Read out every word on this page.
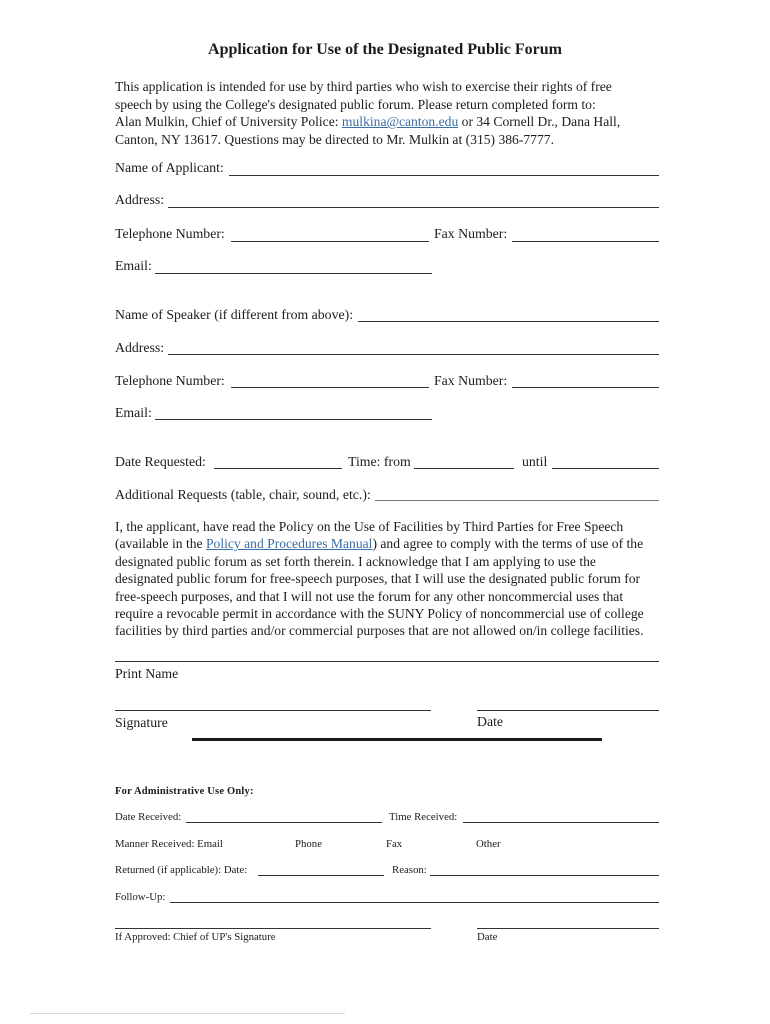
Application for Use of the Designated Public Forum
This application is intended for use by third parties who wish to exercise their rights of free
speech by using the College's designated public forum. Please return completed form to:
Alan Mulkin, Chief of University Police: mulkina@canton.edu or 34 Cornell Dr., Dana Hall,
Canton, NY 13617. Questions may be directed to Mr. Mulkin at (315) 386-7777.
Name of Applicant:
Address:
Telephone Number:	Fax Number:
Email:
Name of Speaker (if different from above):
Address:
Telephone Number:	Fax Number:
Email:
Date Requested:	Time: from	until
Additional Requests (table, chair, sound, etc.):
I, the applicant, have read the Policy on the Use of Facilities by Third Parties for Free Speech
(available in the Policy and Procedures Manual) and agree to comply with the terms of use of the
designated public forum as set forth therein. I acknowledge that I am applying to use the
designated public forum for free-speech purposes, that I will use the designated public forum for
free-speech purposes, and that I will not use the forum for any other noncommercial uses that
require a revocable permit in accordance with the SUNY Policy of noncommercial use of college
facilities by third parties and/or commercial purposes that are not allowed on/in college facilities.
Print Name
Signature	Date
For Administrative Use Only:
Date Received:	Time Received:
Manner Received: Email	Phone	Fax	Other
Returned (if applicable): Date:	Reason:
Follow-Up:
If Approved: Chief of UP's Signature	Date
